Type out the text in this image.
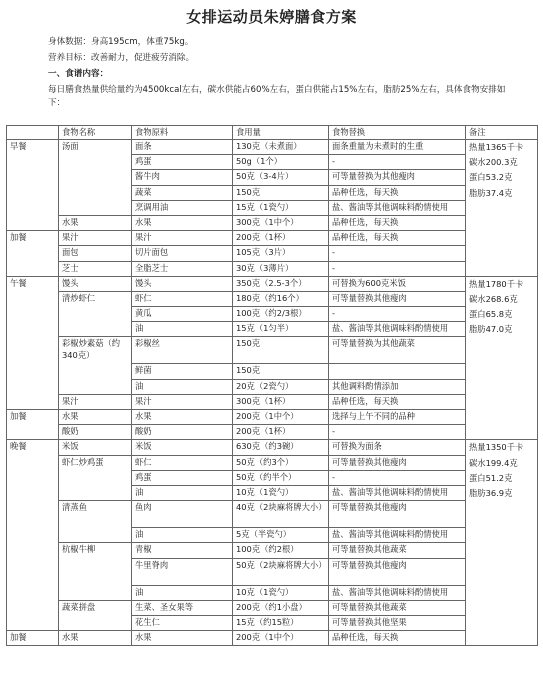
女排运动员朱婷膳食方案
身体数据：身高195cm，体重75kg。
营养目标：改善耐力，促进疲劳消除。
一、食谱内容：
每日膳食热量供给量约为4500kcal左右，碳水供能占60%左右，蛋白供能占15%左右，脂肪25%左右，具体食物安排如下：
	食物名称	食物原料	食用量	食物替换	备注	
早餐	汤面	面条	130克（未煮面）	面条重量为未煮时的生重	热量1365千卡
碳水200.3克
蛋白53.2克
脂肪37.4克	

		鸡蛋	50g（1个）	-		
		酱牛肉	50克（3-4片）	可等量替换为其他瘦肉		
		蔬菜	150克	品种任选，每天换		
		烹调用油	15克（1瓷勺）	盐、酱油等其他调味料酌情使用		
	水果	水果	300克（1中个）	品种任选，每天换		
加餐	果汁	果汁	200克（1杯）	品种任选，每天换		
	面包	切片面包	105克（3片）	-		
	芝士	全脂芝士	30克（3薄片）	-		
午餐	馒头	馒头	350克（2.5-3个）	可替换为600克米饭	热量1780千卡
碳水268.6克
蛋白65.8克
脂肪47.0克	

	清炒虾仁	虾仁	180克（约16个）	可等量替换其他瘦肉		
		黄瓜	100克（约2/3根）	-		
		油	15克（1匀半）	盐、酱油等其他调味料酌情使用		
	彩椒炒素菇（约340克）	彩椒丝	150克	可等量替换为其他蔬菜		
		鲜菌	150克			
		油	20克（2瓷勺）	其他调料酌情添加		
	果汁	果汁	300克（1杯）	品种任选，每天换		
加餐	水果	水果	200克（1中个）	选择与上午不同的品种		
	酸奶	酸奶	200克（1杯）	-		
晚餐	米饭	米饭	630克（约3碗）	可替换为面条	热量1350千卡
碳水199.4克
蛋白51.2克
脂肪36.9克	

	虾仁炒鸡蛋	虾仁	50克（约3个）	可等量替换其他瘦肉		
		鸡蛋	50克（约半个）	-		
		油	10克（1瓷勺）	盐、酱油等其他调味料酌情使用		
	清蒸鱼	鱼肉	40克（2块麻将牌大小）	可等量替换其他瘦肉		
		油	5克（半瓷勺）	盐、酱油等其他调味料酌情使用		
	杭椒牛柳	青椒	100克（约2根）	可等量替换其他蔬菜		
		牛里脊肉	50克（2块麻将牌大小）	可等量替换其他瘦肉		
		油	10克（1瓷勺）	盐、酱油等其他调味料酌情使用		
	蔬菜拼盘	生菜、圣女果等	200克（约1小盘）	可等量替换其他蔬菜		
		花生仁	15克（约15粒）	可等量替换其他坚果		
加餐	水果	水果	200克（1中个）	品种任选，每天换		
